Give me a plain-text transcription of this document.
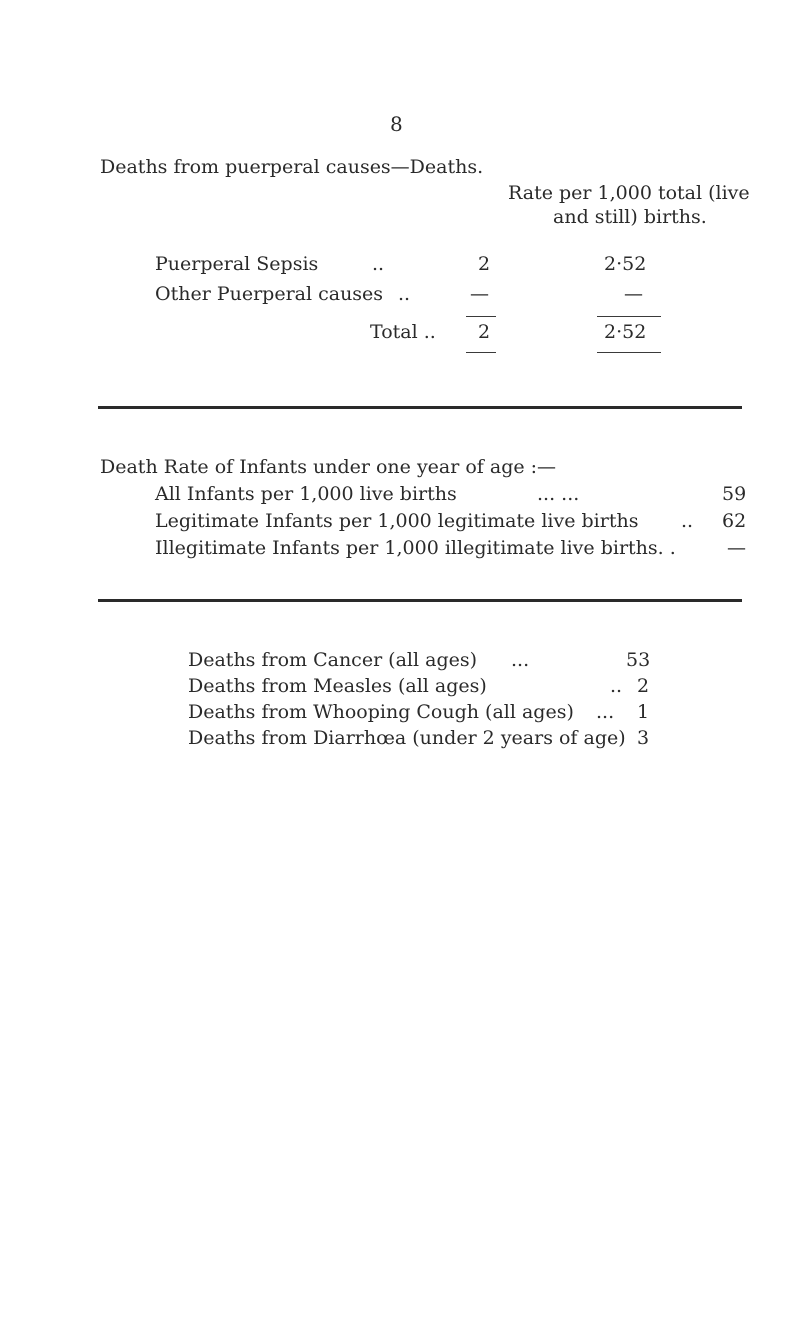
8
Deaths from puerperal causes—Deaths.
Rate per 1,000 total (live
and still) births.
Puerperal Sepsis	..	2	2·52
Other Puerperal causes ..	—	—
Total .. 2	2·52
Death Rate of Infants under one year of age :—
All Infants per 1,000 live births	... ...	59
Legitimate Infants per 1,000 legitimate live births .. 62
Illegitimate Infants per 1,000 illegitimate live births. .	—
Deaths from Cancer (all ages) ...	53
Deaths from Measles (all ages)	.. 2
Deaths from Whooping Cough (all ages) ... 1
Deaths from Diarrhœa (under 2 years of age) 3
